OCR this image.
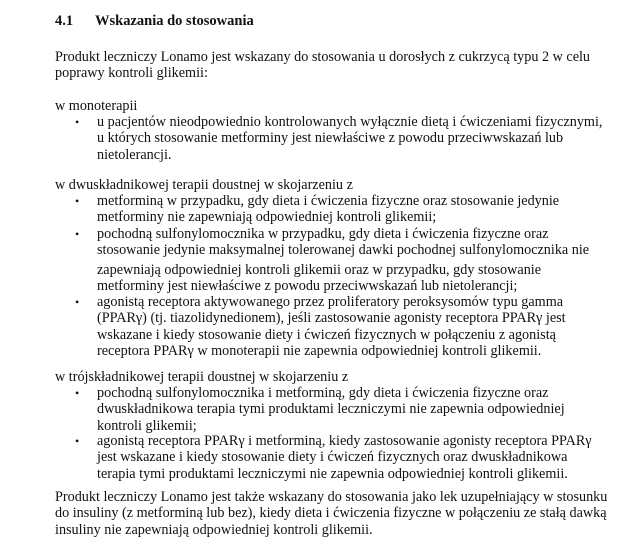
4.1 Wskazania do stosowania
Produkt leczniczy Lonamo jest wskazany do stosowania u dorosłych z cukrzycą typu 2 w celu
poprawy kontroli glikemii:
w monoterapii
• u pacjentów nieodpowiednio kontrolowanych wyłącznie dietą i ćwiczeniami fizycznymi,
u których stosowanie metforminy jest niewłaściwe z powodu przeciwwskazań lub
nietolerancji.
w dwuskładnikowej terapii doustnej w skojarzeniu z
• metforminą w przypadku, gdy dieta i ćwiczenia fizyczne oraz stosowanie jedynie
metforminy nie zapewniają odpowiedniej kontroli glikemii;
• pochodną sulfonylomocznika w przypadku, gdy dieta i ćwiczenia fizyczne oraz
stosowanie jedynie maksymalnej tolerowanej dawki pochodnej sulfonylomocznika nie
zapewniają odpowiedniej kontroli glikemii oraz w przypadku, gdy stosowanie
metforminy jest niewłaściwe z powodu przeciwwskazań lub nietolerancji;
• agonistą receptora aktywowanego przez proliferatory peroksysomów typu gamma
(PPARγ) (tj. tiazolidynedionem), jeśli zastosowanie agonisty receptora PPARγ jest
wskazane i kiedy stosowanie diety i ćwiczeń fizycznych w połączeniu z agonistą
receptora PPARγ w monoterapii nie zapewnia odpowiedniej kontroli glikemii.
w trójskładnikowej terapii doustnej w skojarzeniu z
• pochodną sulfonylomocznika i metforminą, gdy dieta i ćwiczenia fizyczne oraz
dwuskładnikowa terapia tymi produktami leczniczymi nie zapewnia odpowiedniej
kontroli glikemii;
• agonistą receptora PPARγ i metforminą, kiedy zastosowanie agonisty receptora PPARγ
jest wskazane i kiedy stosowanie diety i ćwiczeń fizycznych oraz dwuskładnikowa
terapia tymi produktami leczniczymi nie zapewnia odpowiedniej kontroli glikemii.
Produkt leczniczy Lonamo jest także wskazany do stosowania jako lek uzupełniający w stosunku
do insuliny (z metforminą lub bez), kiedy dieta i ćwiczenia fizyczne w połączeniu ze stałą dawką
insuliny nie zapewniają odpowiedniej kontroli glikemii.
